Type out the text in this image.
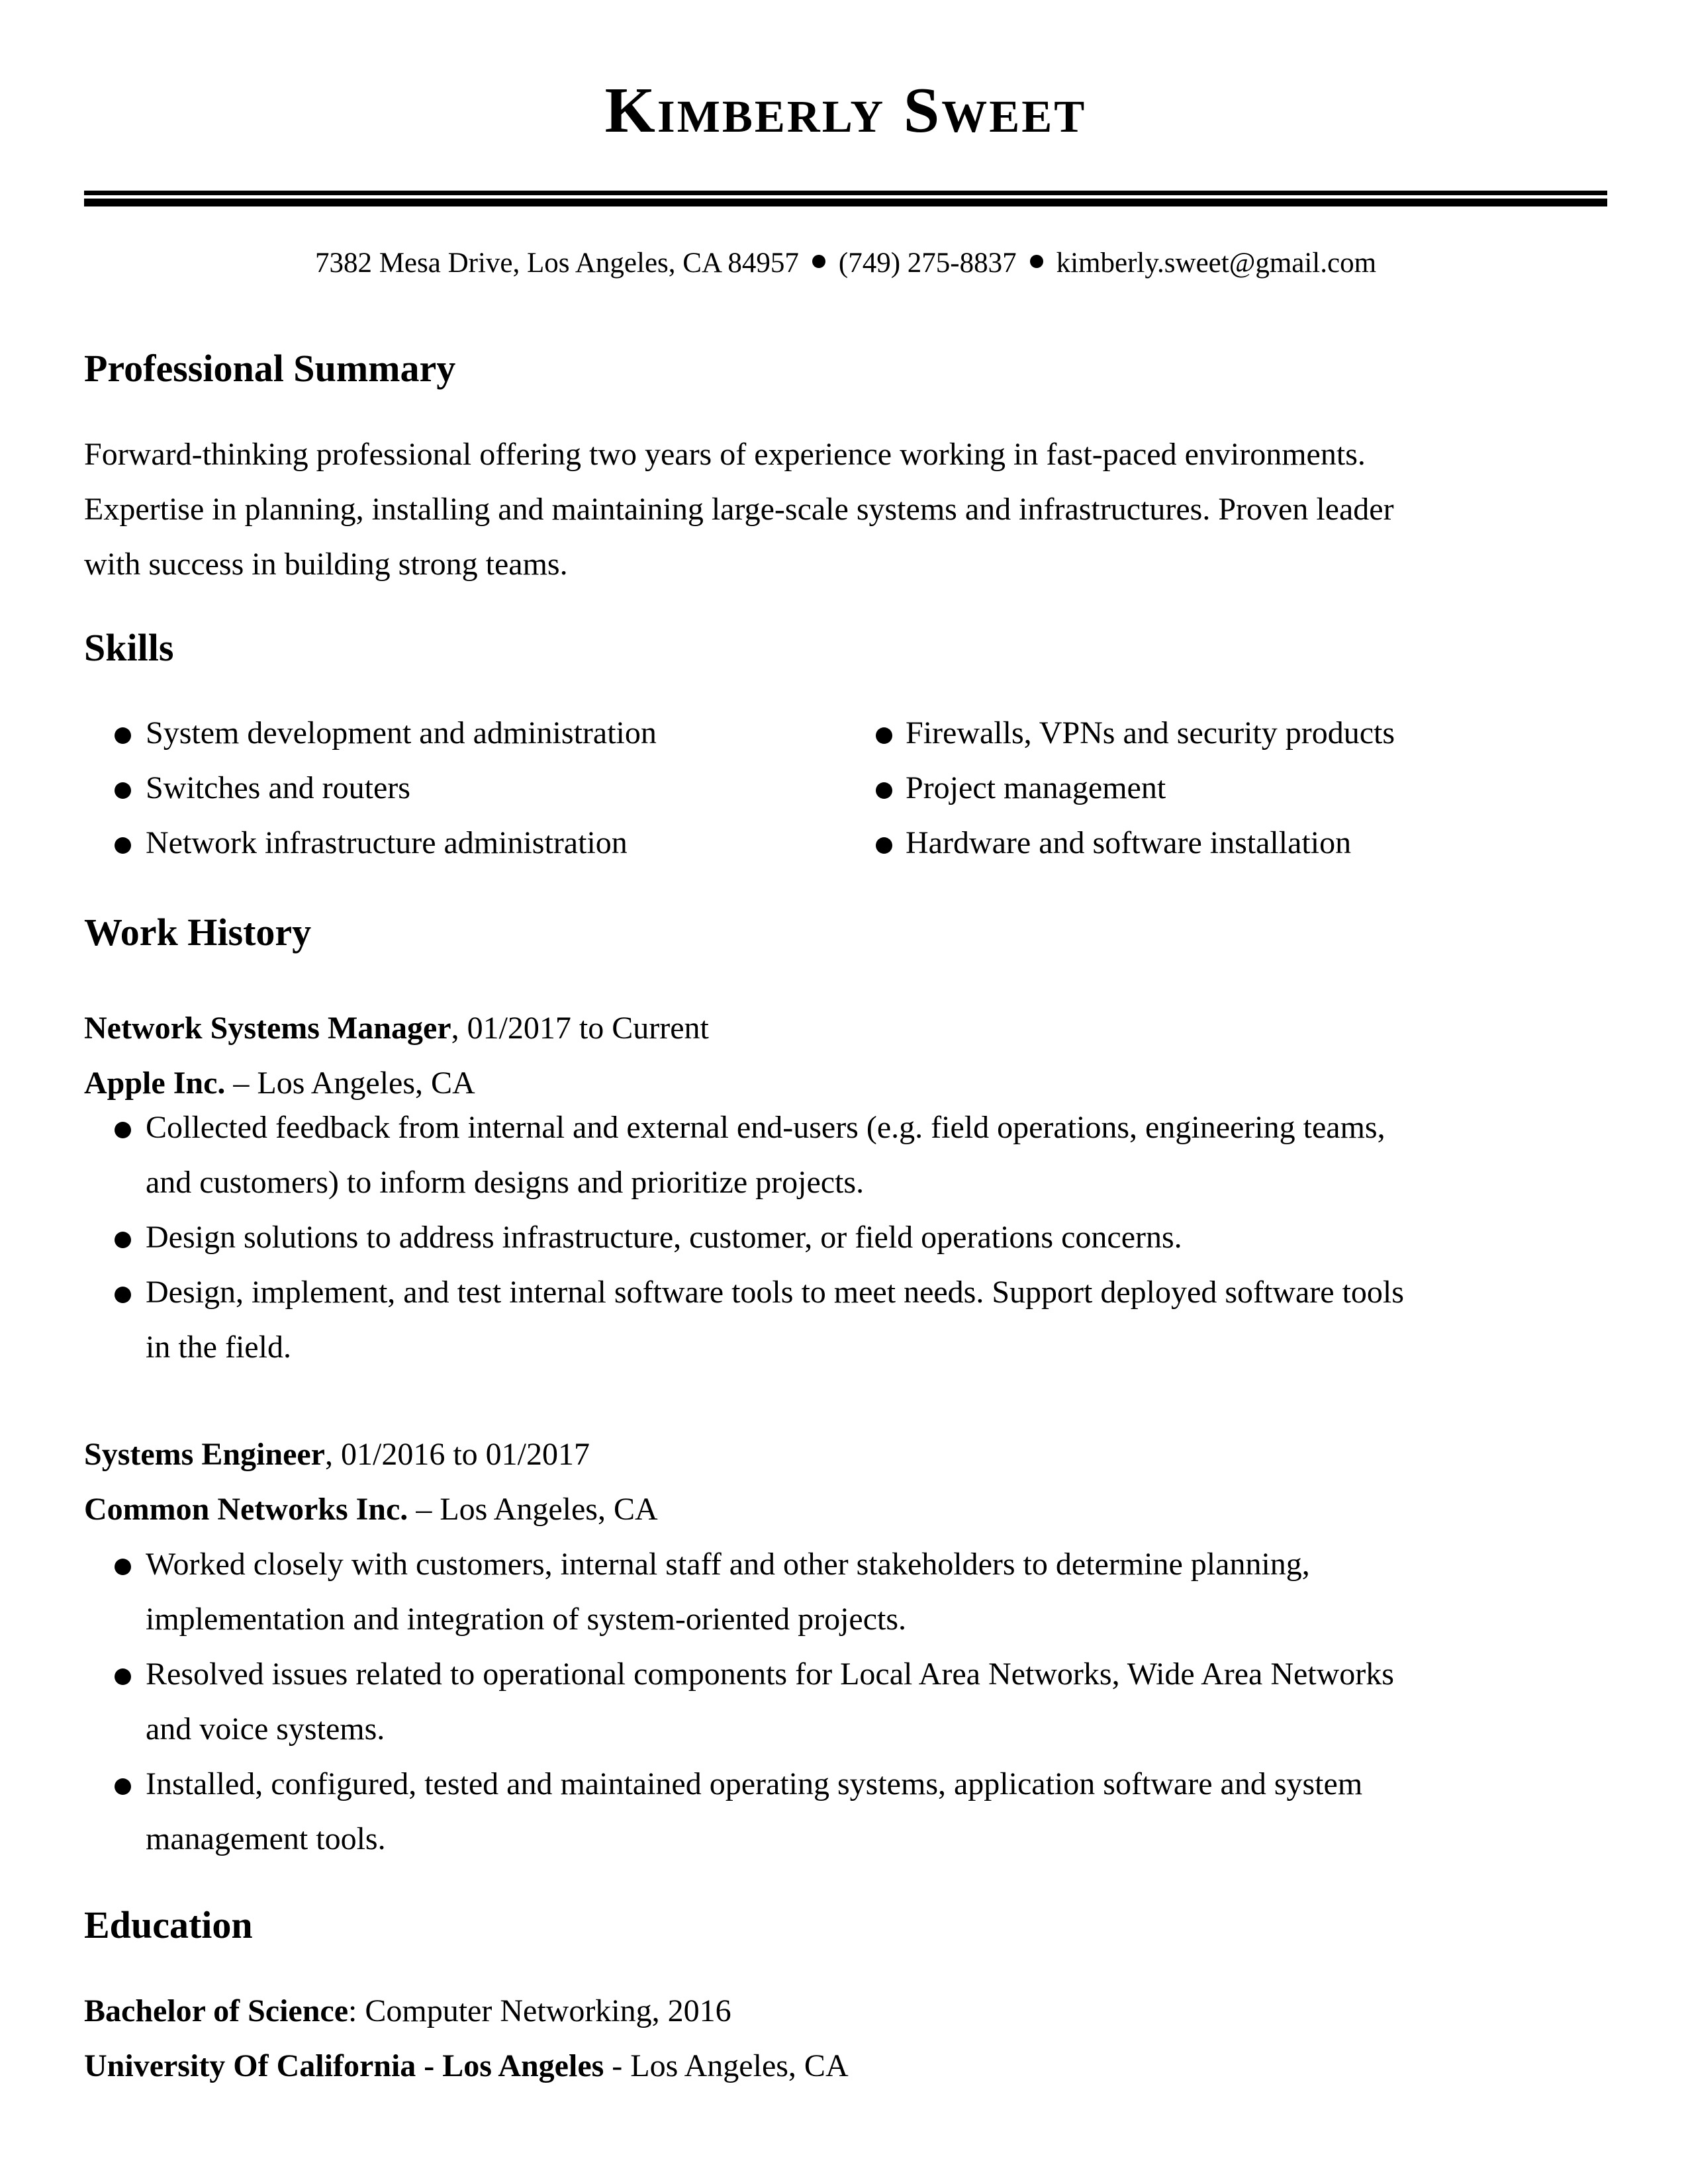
Kimberly Sweet
7382 Mesa Drive, Los Angeles, CA 84957 (749) 275-8837 kimberly.sweet@gmail.com
Professional Summary
Forward-thinking professional offering two years of experience working in fast-paced environments.
Expertise in planning, installing and maintaining large-scale systems and infrastructures. Proven leader
with success in building strong teams.
Skills
System development and administration
Switches and routers
Network infrastructure administration
Firewalls, VPNs and security products
Project management
Hardware and software installation
Work History
Network Systems Manager, 01/2017 to Current
Apple Inc. – Los Angeles, CA
Collected feedback from internal and external end-users (e.g. field operations, engineering teams,
and customers) to inform designs and prioritize projects.
Design solutions to address infrastructure, customer, or field operations concerns.
Design, implement, and test internal software tools to meet needs. Support deployed software tools
in the field.
Systems Engineer, 01/2016 to 01/2017
Common Networks Inc. – Los Angeles, CA
Worked closely with customers, internal staff and other stakeholders to determine planning,
implementation and integration of system-oriented projects.
Resolved issues related to operational components for Local Area Networks, Wide Area Networks
and voice systems.
Installed, configured, tested and maintained operating systems, application software and system
management tools.
Education
Bachelor of Science: Computer Networking, 2016
University Of California - Los Angeles - Los Angeles, CA
